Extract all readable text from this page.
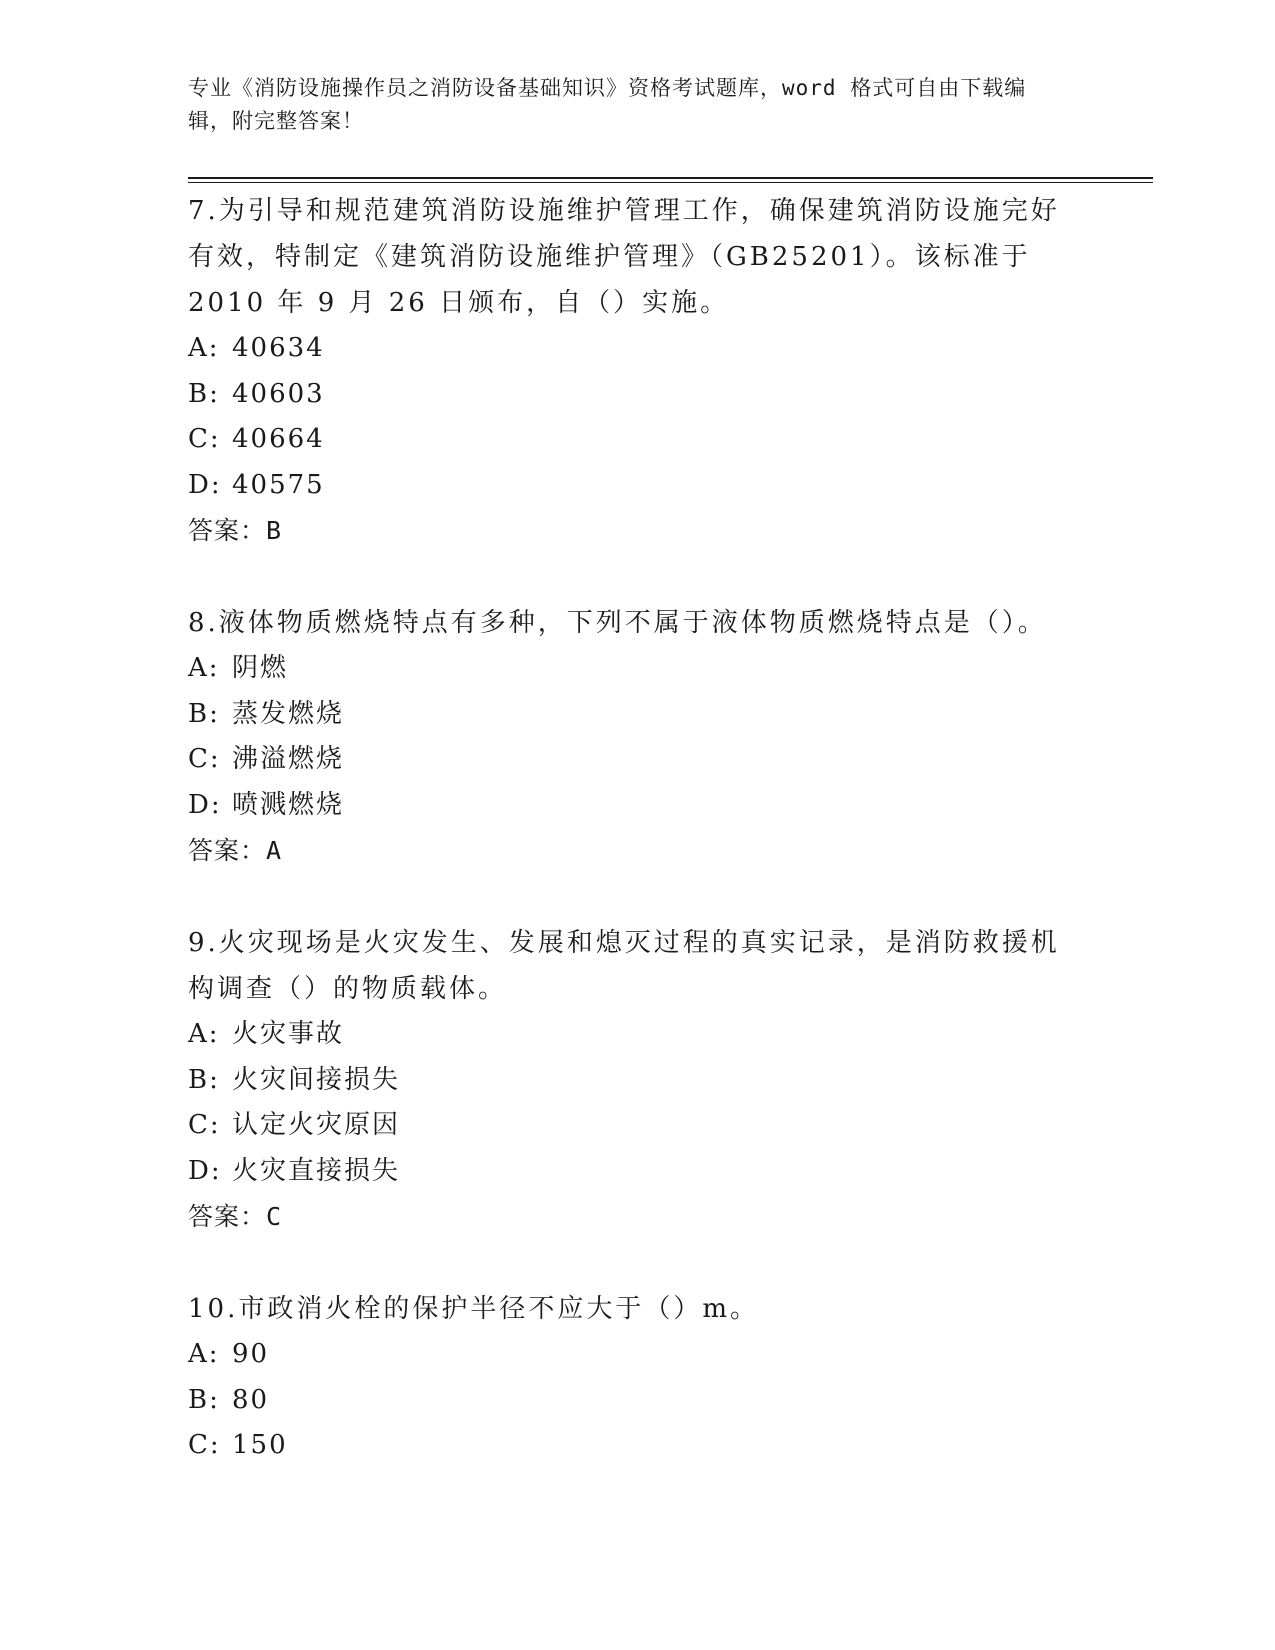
专业《消防设施操作员之消防设备基础知识》资格考试题库，word 格式可自由下载编辑，附完整答案！

7.为引导和规范建筑消防设施维护管理工作，确保建筑消防设施完好有效，特制定《建筑消防设施维护管理》（GB25201）。该标准于 2010 年 9 月 26 日颁布，自（）实施。

A: 40634

B: 40603

C: 40664

D: 40575

答案：B

8.液体物质燃烧特点有多种，下列不属于液体物质燃烧特点是（）。

A: 阴燃

B: 蒸发燃烧

C: 沸溢燃烧

D: 喷溅燃烧

答案：A

9.火灾现场是火灾发生、发展和熄灭过程的真实记录，是消防救援机构调查（）的物质载体。

A: 火灾事故

B: 火灾间接损失

C: 认定火灾原因

D: 火灾直接损失

答案：C

10.市政消火栓的保护半径不应大于（）m。

A: 90

B: 80

C: 150
